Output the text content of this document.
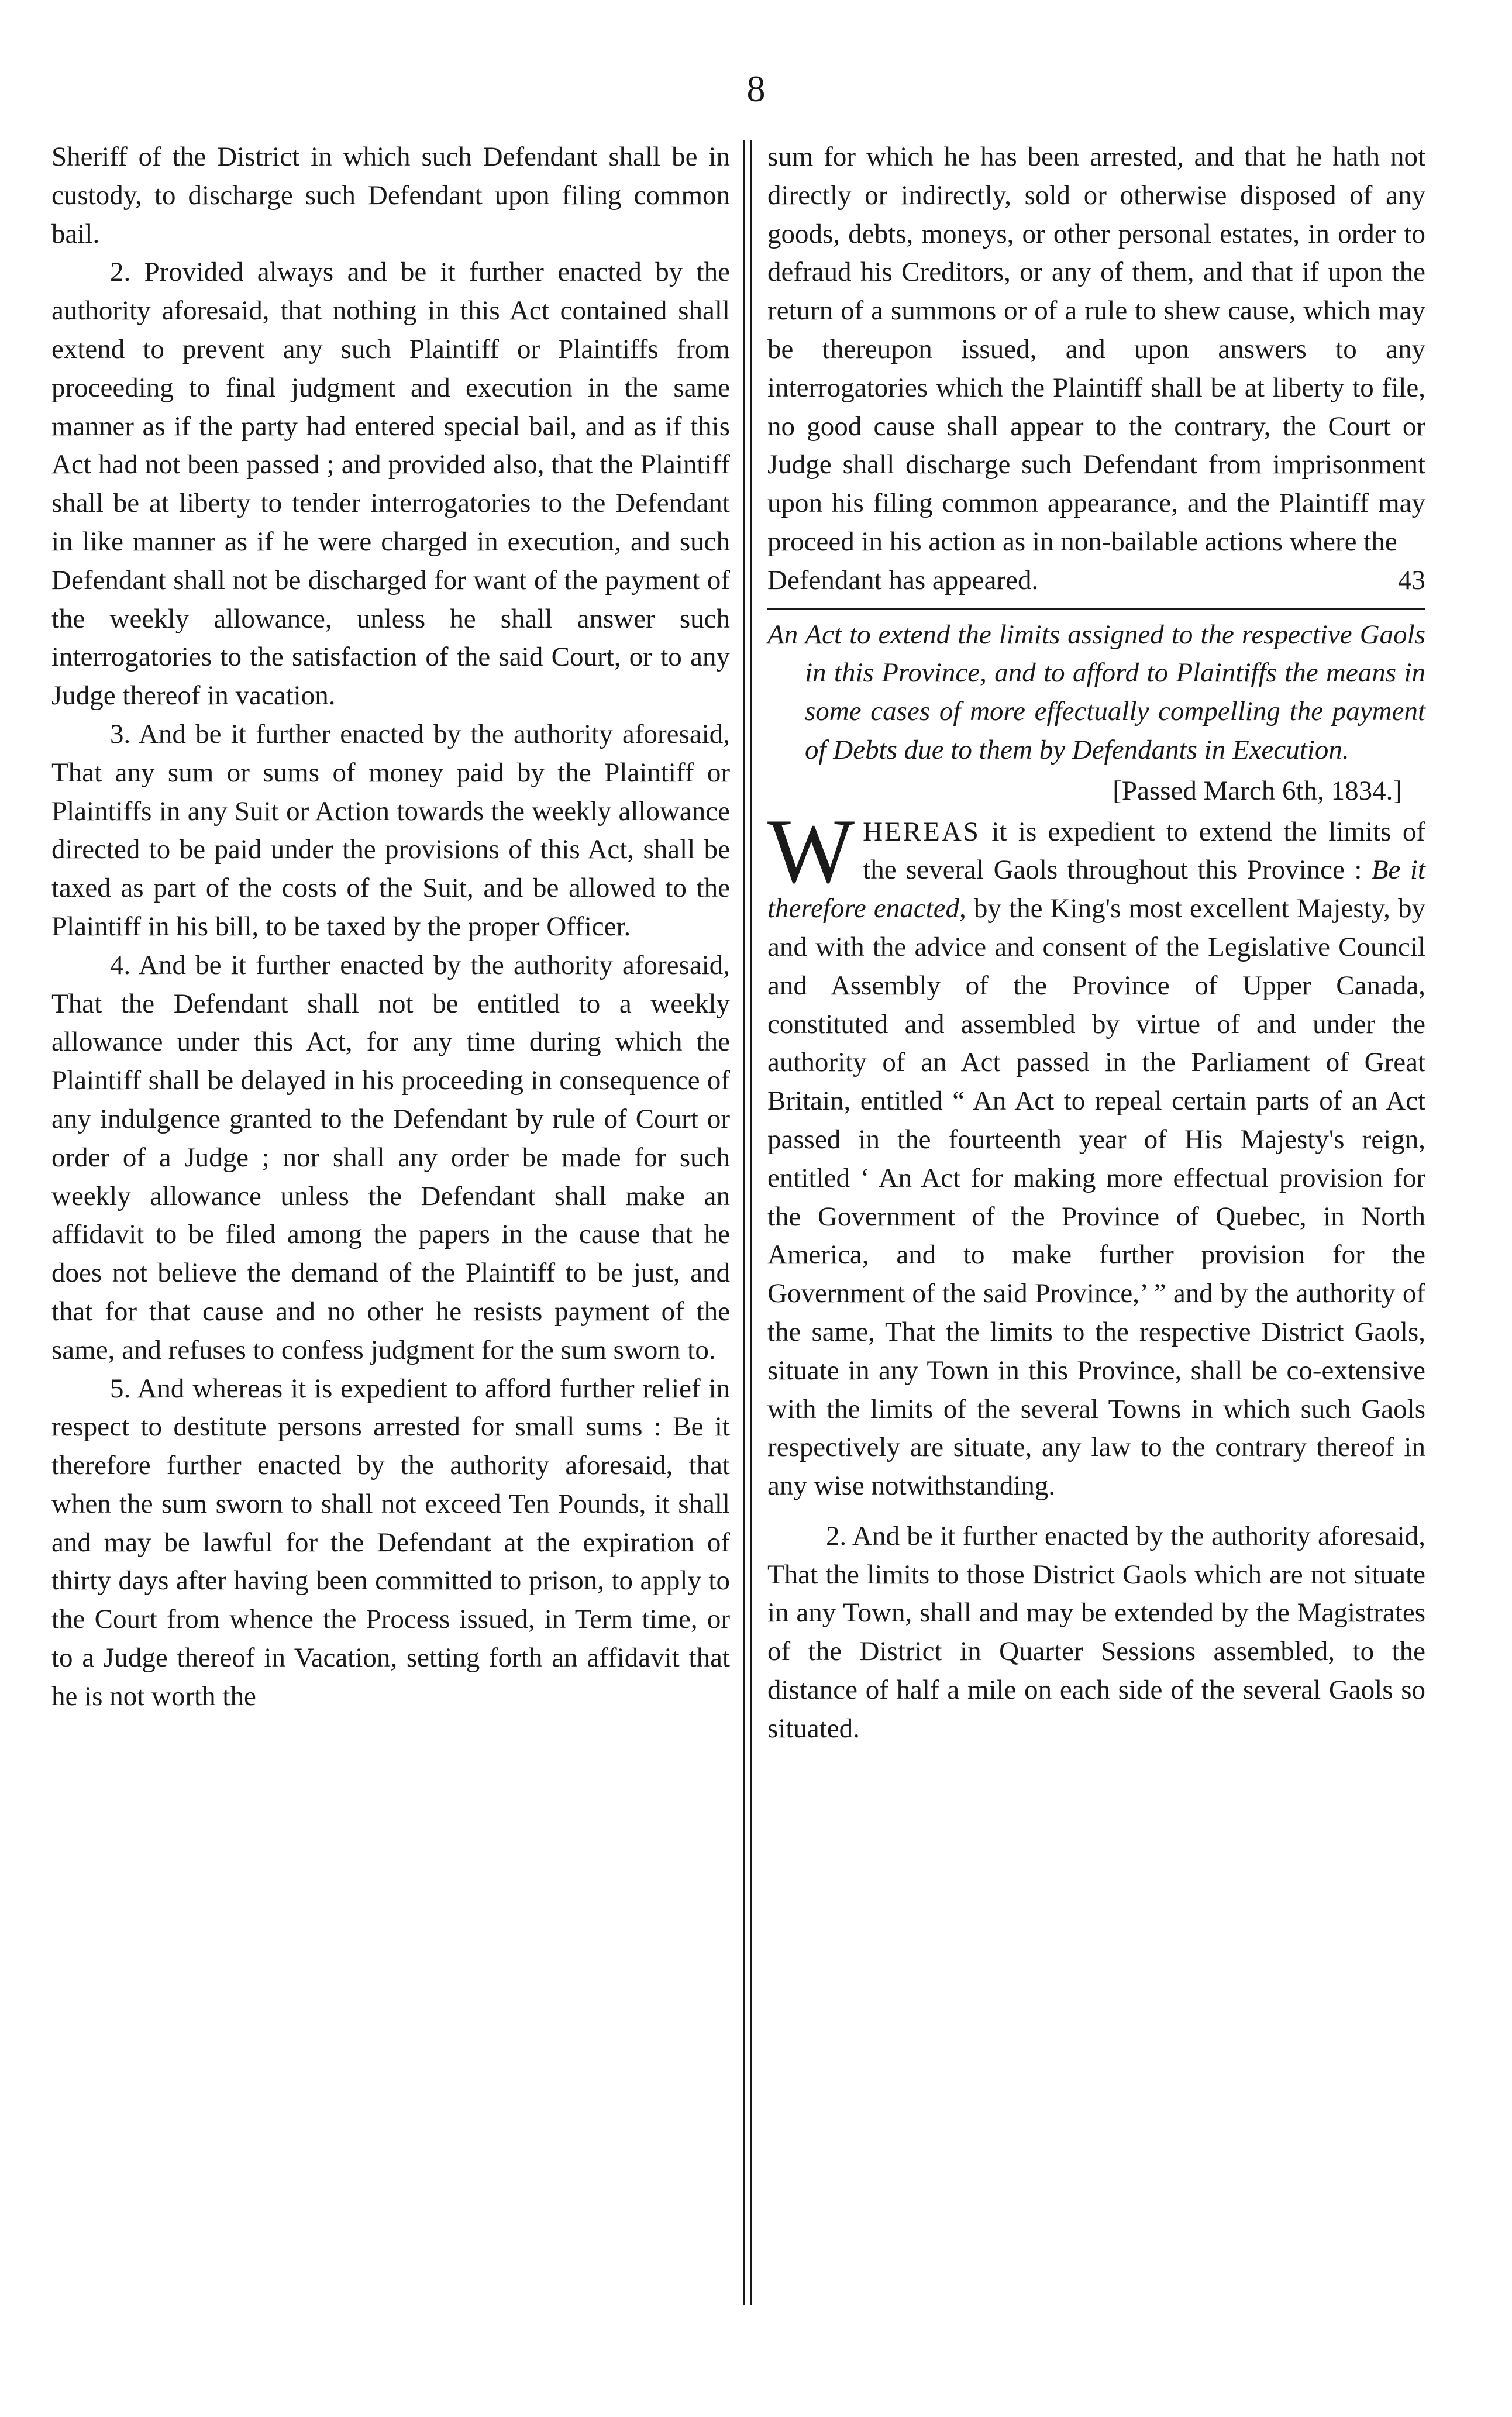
8

Sheriff of the District in which such Defendant shall be in custody, to discharge such Defendant upon filing common bail.

2. Provided always and be it further enacted by the authority aforesaid, that nothing in this Act contained shall extend to prevent any such Plaintiff or Plaintiffs from proceeding to final judgment and execution in the same manner as if the party had entered special bail, and as if this Act had not been passed ; and provided also, that the Plaintiff shall be at liberty to tender interrogatories to the Defendant in like manner as if he were charged in execution, and such Defendant shall not be discharged for want of the payment of the weekly allowance, unless he shall answer such interrogatories to the satisfaction of the said Court, or to any Judge thereof in vacation.

3. And be it further enacted by the authority aforesaid, That any sum or sums of money paid by the Plaintiff or Plaintiffs in any Suit or Action towards the weekly allowance directed to be paid under the provisions of this Act, shall be taxed as part of the costs of the Suit, and be allowed to the Plaintiff in his bill, to be taxed by the proper Officer.

4. And be it further enacted by the authority aforesaid, That the Defendant shall not be entitled to a weekly allowance under this Act, for any time during which the Plaintiff shall be delayed in his proceeding in consequence of any indulgence granted to the Defendant by rule of Court or order of a Judge ; nor shall any order be made for such weekly allowance unless the Defendant shall make an affidavit to be filed among the papers in the cause that he does not believe the demand of the Plaintiff to be just, and that for that cause and no other he resists payment of the same, and refuses to confess judgment for the sum sworn to.

5. And whereas it is expedient to afford further relief in respect to destitute persons arrested for small sums : Be it therefore further enacted by the authority aforesaid, that when the sum sworn to shall not exceed Ten Pounds, it shall and may be lawful for the Defendant at the expiration of thirty days after having been committed to prison, to apply to the Court from whence the Process issued, in Term time, or to a Judge thereof in Vacation, setting forth an affidavit that he is not worth the

sum for which he has been arrested, and that he hath not directly or indirectly, sold or otherwise disposed of any goods, debts, moneys, or other personal estates, in order to defraud his Creditors, or any of them, and that if upon the return of a summons or of a rule to shew cause, which may be thereupon issued, and upon answers to any interrogatories which the Plaintiff shall be at liberty to file, no good cause shall appear to the contrary, the Court or Judge shall discharge such Defendant from imprisonment upon his filing common appearance, and the Plaintiff may proceed in his action as in non-bailable actions where the

Defendant has appeared.	43

An Act to extend the limits assigned to the respective Gaols in this Province, and to afford to Plaintiffs the means in some cases of more effectually compelling the payment of Debts due to them by Defendants in Execution.

[Passed March 6th, 1834.]

WHEREAS it is expedient to extend the limits of the several Gaols throughout this Province : Be it therefore enacted, by the King's most excellent Majesty, by and with the advice and consent of the Legislative Council and Assembly of the Province of Upper Canada, constituted and assembled by virtue of and under the authority of an Act passed in the Parliament of Great Britain, entitled “ An Act to repeal certain parts of an Act passed in the fourteenth year of His Majesty's reign, entitled ‘ An Act for making more effectual provision for the Government of the Province of Quebec, in North America, and to make further provision for the Government of the said Province,’ ” and by the authority of the same, That the limits to the respective District Gaols, situate in any Town in this Province, shall be co-extensive with the limits of the several Towns in which such Gaols respectively are situate, any law to the contrary thereof in any wise notwithstanding.

2. And be it further enacted by the authority aforesaid, That the limits to those District Gaols which are not situate in any Town, shall and may be extended by the Magistrates of the District in Quarter Sessions assembled, to the distance of half a mile on each side of the several Gaols so situated.
